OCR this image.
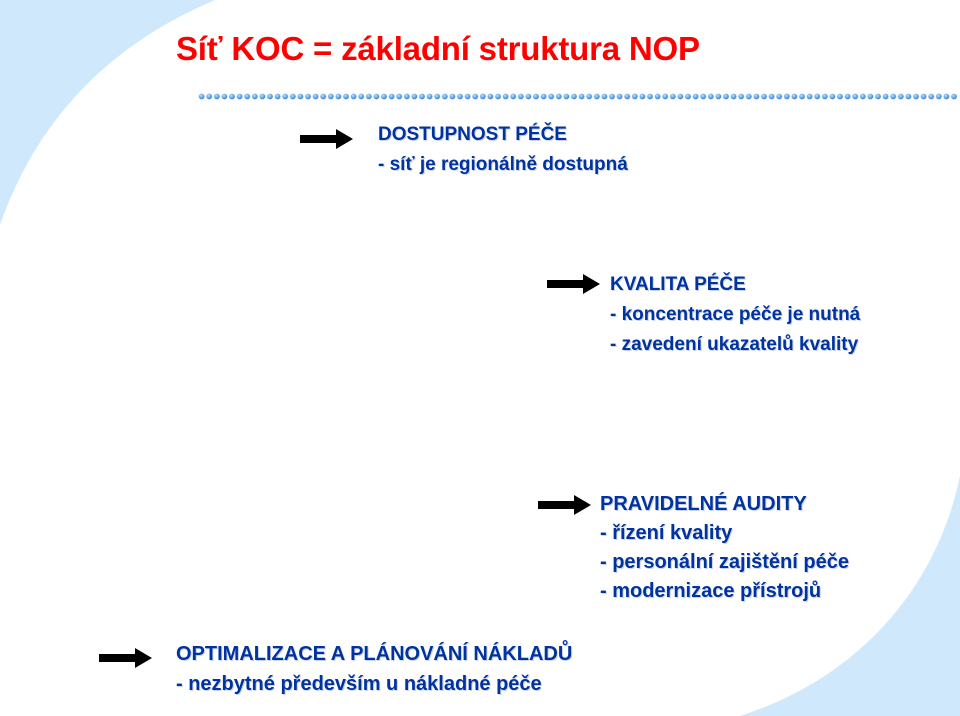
Síť KOC = základní struktura NOP
DOSTUPNOST PÉČE
- síť je regionálně dostupná
KVALITA PÉČE
- koncentrace péče je nutná
- zavedení ukazatelů kvality
PRAVIDELNÉ AUDITY
- řízení kvality
- personální zajištění péče
- modernizace přístrojů
OPTIMALIZACE A PLÁNOVÁNÍ NÁKLADŮ
- nezbytné především u nákladné péče
